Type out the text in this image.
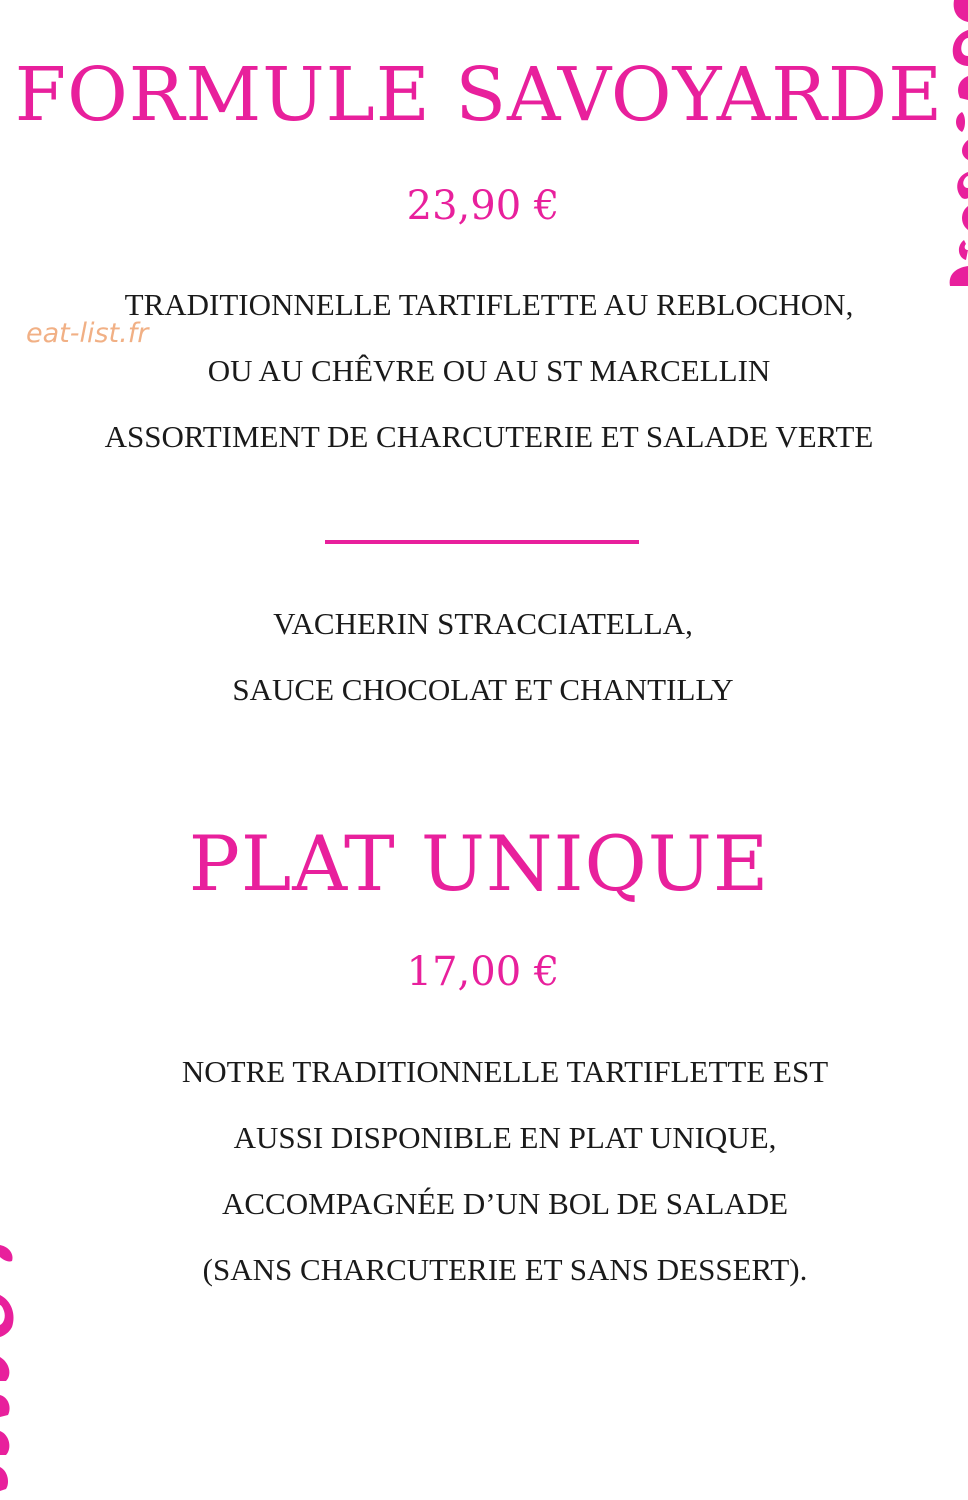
eat-list.fr
FORMULE SAVOYARDE
23,90 €
TRADITIONNELLE TARTIFLETTE AU REBLOCHON,
OU AU CHÊVRE OU AU ST MARCELLIN
ASSORTIMENT DE CHARCUTERIE ET SALADE VERTE
VACHERIN STRACCIATELLA,
SAUCE CHOCOLAT ET CHANTILLY
PLAT UNIQUE
17,00 €
NOTRE TRADITIONNELLE TARTIFLETTE EST
AUSSI DISPONIBLE EN PLAT UNIQUE,
ACCOMPAGNÉE D’UN BOL DE SALADE
(SANS CHARCUTERIE ET SANS DESSERT).
